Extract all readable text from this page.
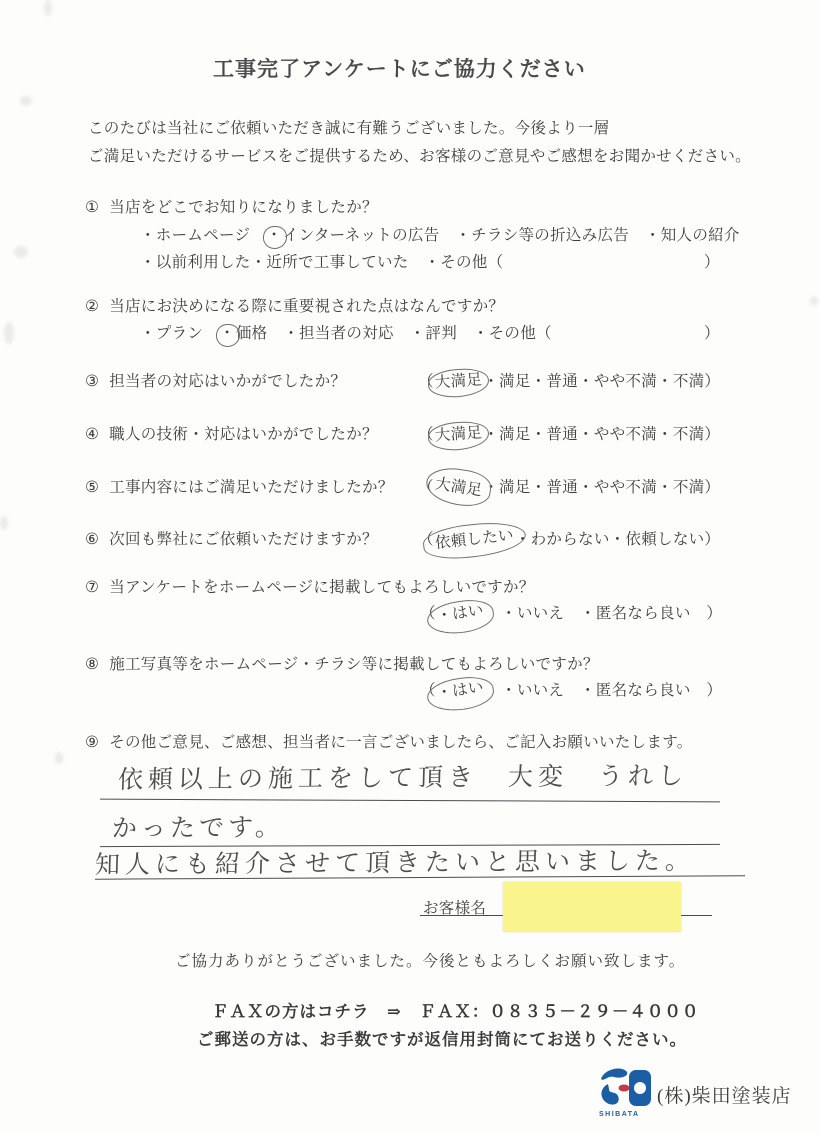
工事完了アンケートにご協力ください
このたびは当社にご依頼いただき誠に有難うございました。今後より一層
ご満足いただけるサービスをご提供するため、お客様のご意見やご感想をお聞かせください。
① 当店をどこでお知りになりましたか？
・ホームページ　・インターネットの広告　・チラシ等の折込み広告　・知人の紹介
・以前利用した・近所で工事していた　・その他（	）
② 当店にお決めになる際に重要視された点はなんですか？
・プラン　・価格　・担当者の対応　・評判　・その他（	）
③ 担当者の対応はいかがでしたか？	（大満足・満足・普通・やや不満・不満）
④ 職人の技術・対応はいかがでしたか？	（大満足・満足・普通・やや不満・不満）
⑤ 工事内容にはご満足いただけましたか？ （大満足・満足・普通・やや不満・不満）
⑥ 次回も弊社にご依頼いただけますか？	（依頼したい・わからない・依頼しない）
⑦ 当アンケートをホームページに掲載してもよろしいですか？
（・はい　・いいえ　・匿名なら良い　）
⑧ 施工写真等をホームページ・チラシ等に掲載してもよろしいですか？
（・はい　・いいえ　・匿名なら良い　）
⑨ その他ご意見、ご感想、担当者に一言ございましたら、ご記入お願いいたします。
依頼以上の施工をして頂き　大変　うれし
かったです。
知人にも紹介させて頂きたいと思いました。
お客様名
ご協力ありがとうございました。今後ともよろしくお願い致します。
ＦＡＸの方はコチラ　⇒　ＦＡＸ：０８３５－２９－４０００
ご郵送の方は、お手数ですが返信用封筒にてお送りください。
SHIBATA
(株)柴田塗装店
